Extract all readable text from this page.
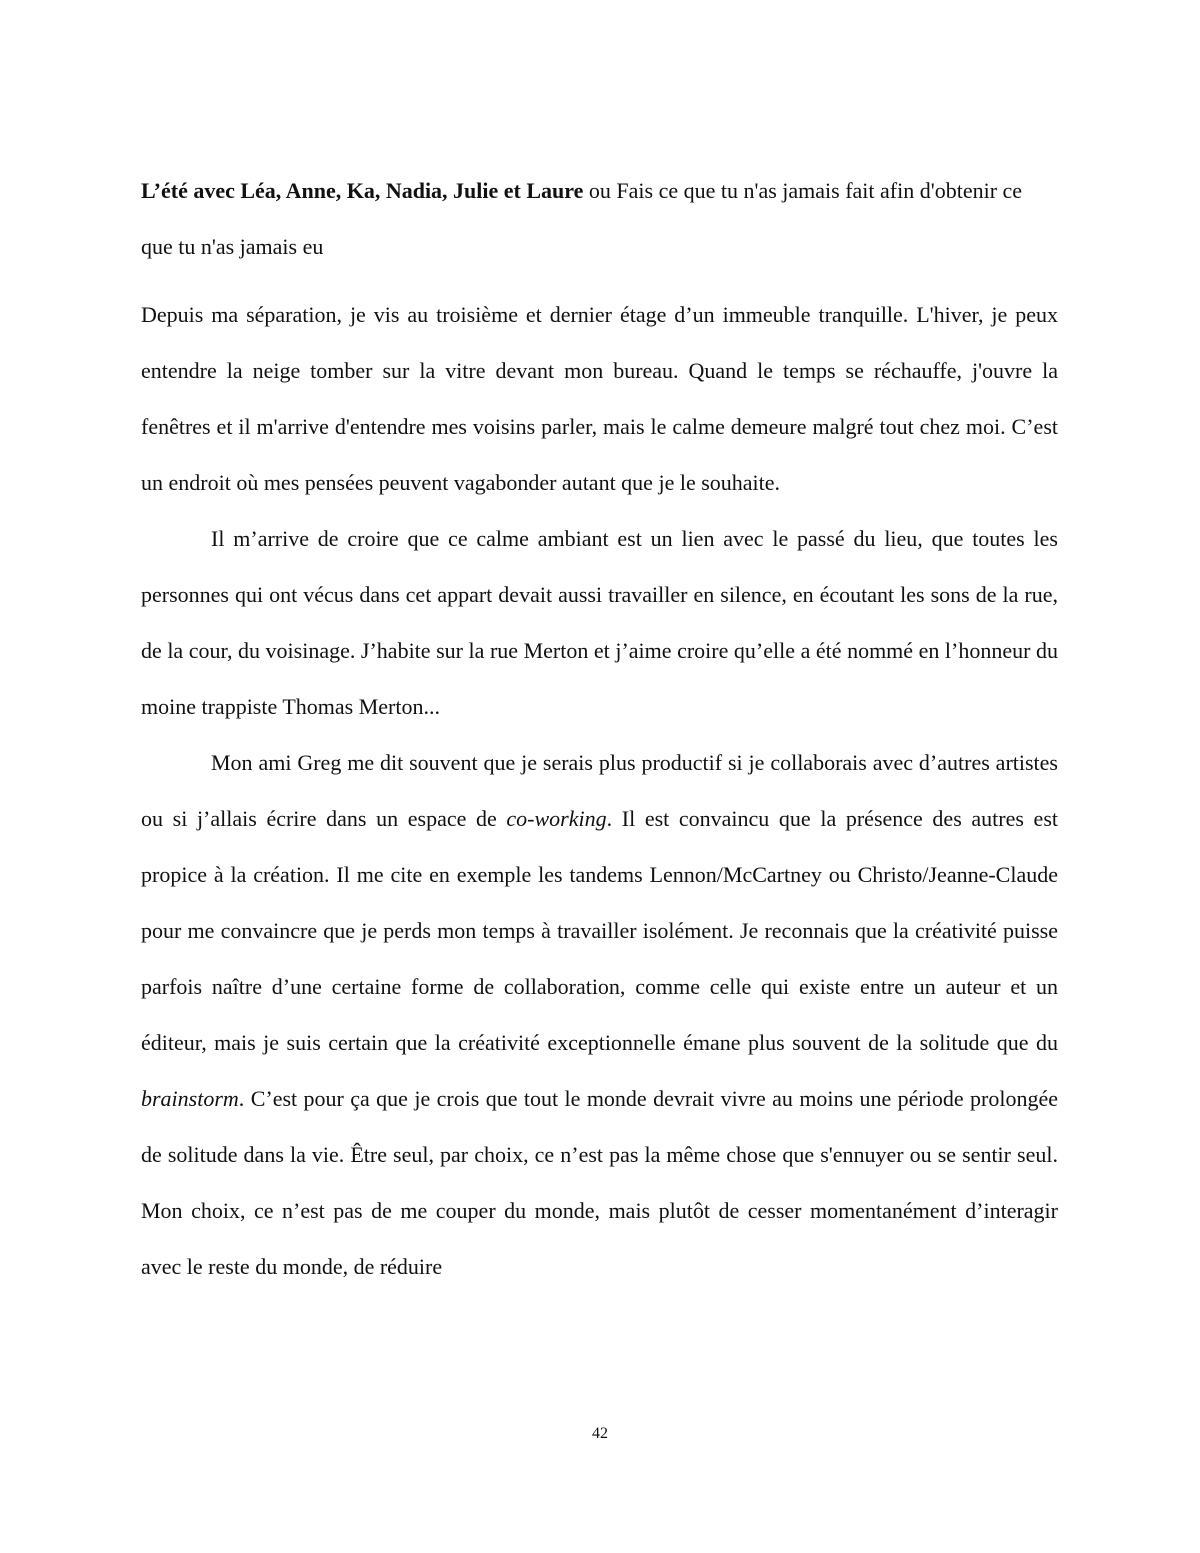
L’été avec Léa, Anne, Ka, Nadia, Julie et Laure ou Fais ce que tu n'as jamais fait afin d'obtenir ce que tu n'as jamais eu

Depuis ma séparation, je vis au troisième et dernier étage d’un immeuble tranquille. L'hiver, je peux entendre la neige tomber sur la vitre devant mon bureau. Quand le temps se réchauffe, j'ouvre la fenêtres et il m'arrive d'entendre mes voisins parler, mais le calme demeure malgré tout chez moi. C’est un endroit où mes pensées peuvent vagabonder autant que je le souhaite.

Il m’arrive de croire que ce calme ambiant est un lien avec le passé du lieu, que toutes les personnes qui ont vécus dans cet appart devait aussi travailler en silence, en écoutant les sons de la rue, de la cour, du voisinage. J’habite sur la rue Merton et j’aime croire qu’elle a été nommé en l’honneur du moine trappiste Thomas Merton...

Mon ami Greg me dit souvent que je serais plus productif si je collaborais avec d’autres artistes ou si j’allais écrire dans un espace de co-working. Il est convaincu que la présence des autres est propice à la création. Il me cite en exemple les tandems Lennon/McCartney ou Christo/Jeanne-Claude pour me convaincre que je perds mon temps à travailler isolément. Je reconnais que la créativité puisse parfois naître d’une certaine forme de collaboration, comme celle qui existe entre un auteur et un éditeur, mais je suis certain que la créativité exceptionnelle émane plus souvent de la solitude que du brainstorm. C’est pour ça que je crois que tout le monde devrait vivre au moins une période prolongée de solitude dans la vie. Être seul, par choix, ce n’est pas la même chose que s'ennuyer ou se sentir seul. Mon choix, ce n’est pas de me couper du monde, mais plutôt de cesser momentanément d’interagir avec le reste du monde, de réduire

42
